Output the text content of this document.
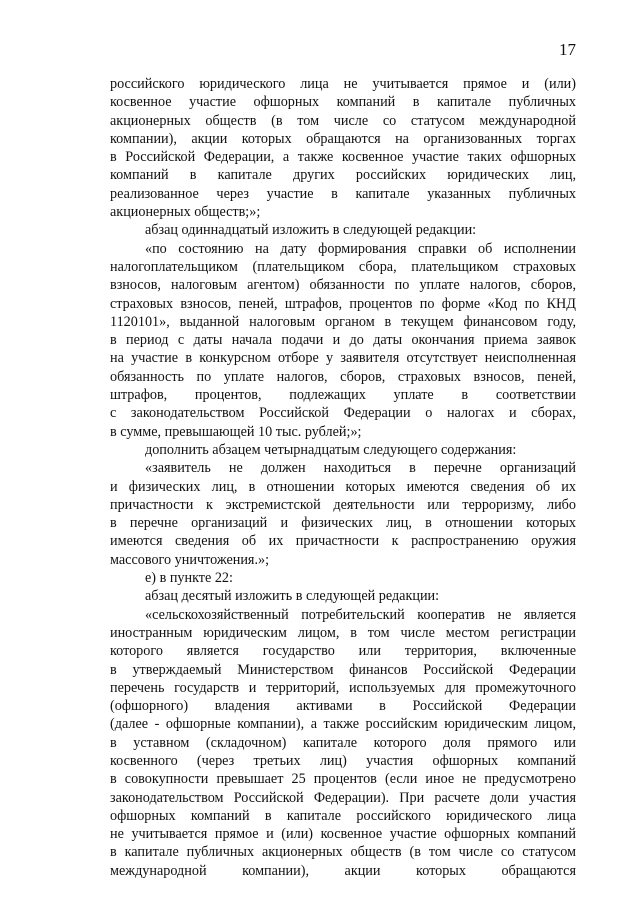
17
российского юридического лица не учитывается прямое и (или)
косвенное участие офшорных компаний в капитале публичных
акционерных обществ (в том числе со статусом международной
компании), акции которых обращаются на организованных торгах
в Российской Федерации, а также косвенное участие таких офшорных
компаний в капитале других российских юридических лиц,
реализованное через участие в капитале указанных публичных
акционерных обществ;»;
абзац одиннадцатый изложить в следующей редакции:
«по состоянию на дату формирования справки об исполнении
налогоплательщиком (плательщиком сбора, плательщиком страховых
взносов, налоговым агентом) обязанности по уплате налогов, сборов,
страховых взносов, пеней, штрафов, процентов по форме «Код по КНД
1120101», выданной налоговым органом в текущем финансовом году,
в период с даты начала подачи и до даты окончания приема заявок
на участие в конкурсном отборе у заявителя отсутствует неисполненная
обязанность по уплате налогов, сборов, страховых взносов, пеней,
штрафов, процентов, подлежащих уплате в соответствии
с законодательством Российской Федерации о налогах и сборах,
в сумме, превышающей 10 тыс. рублей;»;
дополнить абзацем четырнадцатым следующего содержания:
«заявитель не должен находиться в перечне организаций
и физических лиц, в отношении которых имеются сведения об их
причастности к экстремистской деятельности или терроризму, либо
в перечне организаций и физических лиц, в отношении которых
имеются сведения об их причастности к распространению оружия
массового уничтожения.»;
е) в пункте 22:
абзац десятый изложить в следующей редакции:
«сельскохозяйственный потребительский кооператив не является
иностранным юридическим лицом, в том числе местом регистрации
которого является государство или территория, включенные
в утверждаемый Министерством финансов Российской Федерации
перечень государств и территорий, используемых для промежуточного
(офшорного) владения активами в Российской Федерации
(далее - офшорные компании), а также российским юридическим лицом,
в уставном (складочном) капитале которого доля прямого или
косвенного (через третьих лиц) участия офшорных компаний
в совокупности превышает 25 процентов (если иное не предусмотрено
законодательством Российской Федерации). При расчете доли участия
офшорных компаний в капитале российского юридического лица
не учитывается прямое и (или) косвенное участие офшорных компаний
в капитале публичных акционерных обществ (в том числе со статусом
международной компании), акции которых обращаются
